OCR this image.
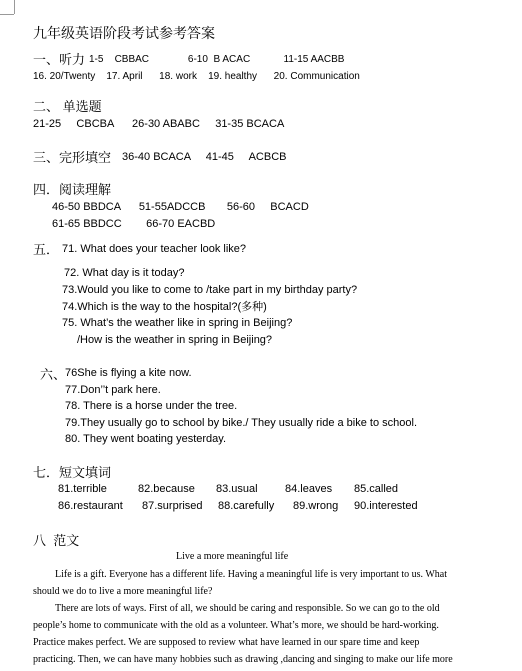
九年级英语阶段考试参考答案
一、听力 1-5    CBBAC              6-10  B ACAC            11-15 AACBB
16. 20/Twenty    17. April      18. work    19. healthy      20. Communication
二、 单选题
21-25     CBCBA      26-30 ABABC     31-35 BCACA
三、完形填空 36-40 BCACA     41-45     ACBCB
四．阅读理解
46-50 BBDCA      51-55ADCCB       56-60     BCACD
61-65 BBDCC        66-70 EACBD
五． 71. What does your teacher look like?
72. What day is it today?
73.Would you like to come to /take part in my birthday party?
74.Which is the way to the hospital?(多种)
75. What’s the weather like in spring in Beijing?
/How is the weather in spring in Beijing?
六、
76She is flying a kite now.
77.Don’’t park here.
78. There is a horse under the tree.
79.They usually go to school by bike./ They usually ride a bike to school.
80. They went boating yesterday.
七．短文填词
81.terrible	82.because 83.usual 84.leaves 85.called
86.restaurant 87.surprised 88.carefully 89.wrong 90.interested
八  范文
Live a more meaningful life
Life is a gift. Everyone has a different life. Having a meaningful life is very important to us. What
should we do to live a more meaningful life?
There are lots of ways. First of all, we should be caring and responsible. So we can go to the old
people’s home to communicate with the old as a volunteer. What’s more, we should be hard-working.
Practice makes perfect. We are supposed to review what have learned in our spare time and keep
practicing. Then, we can have many hobbies such as drawing ,dancing and singing to make our life more
